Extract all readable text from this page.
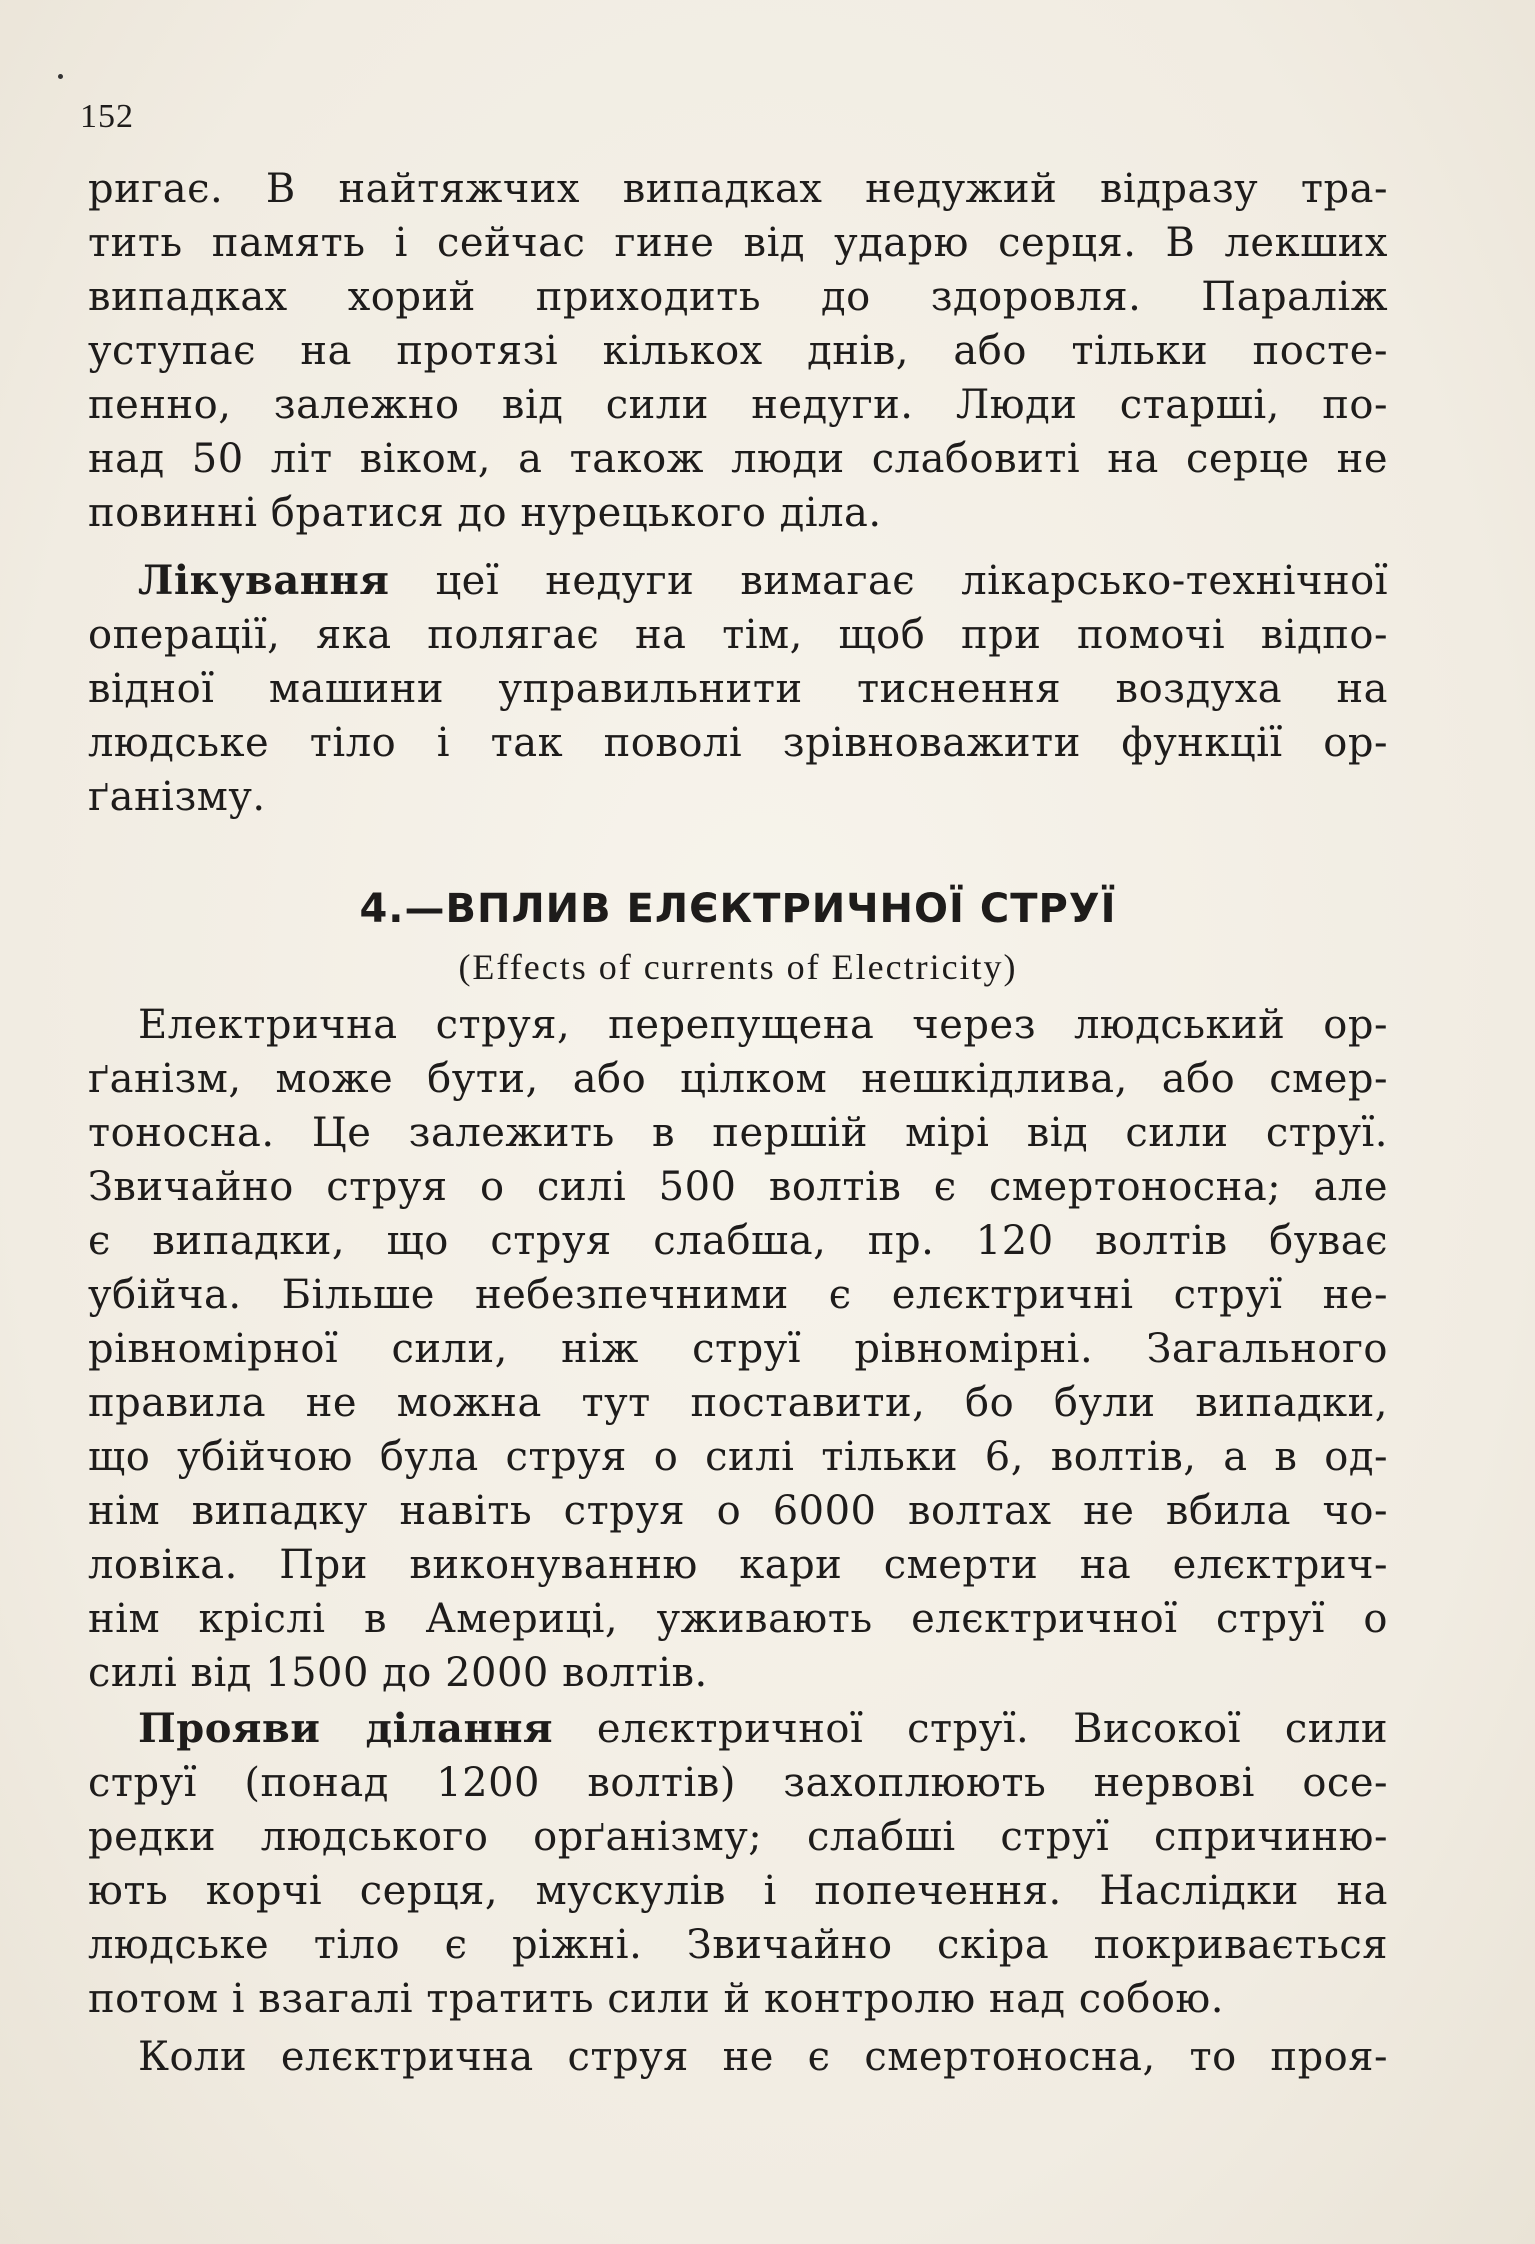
152
ригає. В найтяжчих випадках недужий відразу тра-
тить память і сейчас гине від ударю серця. В лекших
випадках хорий приходить до здоровля. Параліж
уступає на протязі кількох днів, або тільки посте-
пенно, залежно від сили недуги. Люди старші, по-
над 50 літ віком, а також люди слабовиті на серце не
повинні братися до нурецького діла.
Лікування цеї недуги вимагає лікарсько-технічної
операції, яка полягає на тім, щоб при помочі відпо-
відної машини управильнити тиснення воздуха на
людське тіло і так поволі зрівноважити функції ор-
ґанізму.
4.—ВПЛИВ ЕЛЄКТРИЧНОЇ СТРУЇ
(Effects of currents of Electricity)
Електрична струя, перепущена через людський ор-
ґанізм, може бути, або цілком нешкідлива, або смер-
тоносна. Це залежить в першій мірі від сили струї.
Звичайно струя о силі 500 волтів є смертоносна; але
є випадки, що струя слабша, пр. 120 волтів буває
убійча. Більше небезпечними є елєктричні струї не-
рівномірної сили, ніж струї рівномірні. Загального
правила не можна тут поставити, бо були випадки,
що убійчою була струя о силі тільки 6, волтів, а в од-
нім випадку навіть струя о 6000 волтах не вбила чо-
ловіка. При виконуванню кари смерти на елєктрич-
нім кріслі в Америці, уживають елєктричної струї о
силі від 1500 до 2000 волтів.
Прояви ділання елєктричної струї. Високої сили
струї (понад 1200 волтів) захоплюють нервові осе-
редки людського орґанізму; слабші струї спричиню-
ють корчі серця, мускулів і попечення. Наслідки на
людське тіло є ріжні. Звичайно скіра покривається
потом і взагалі тратить сили й контролю над собою.
Коли елєктрична струя не є смертоносна, то проя-
